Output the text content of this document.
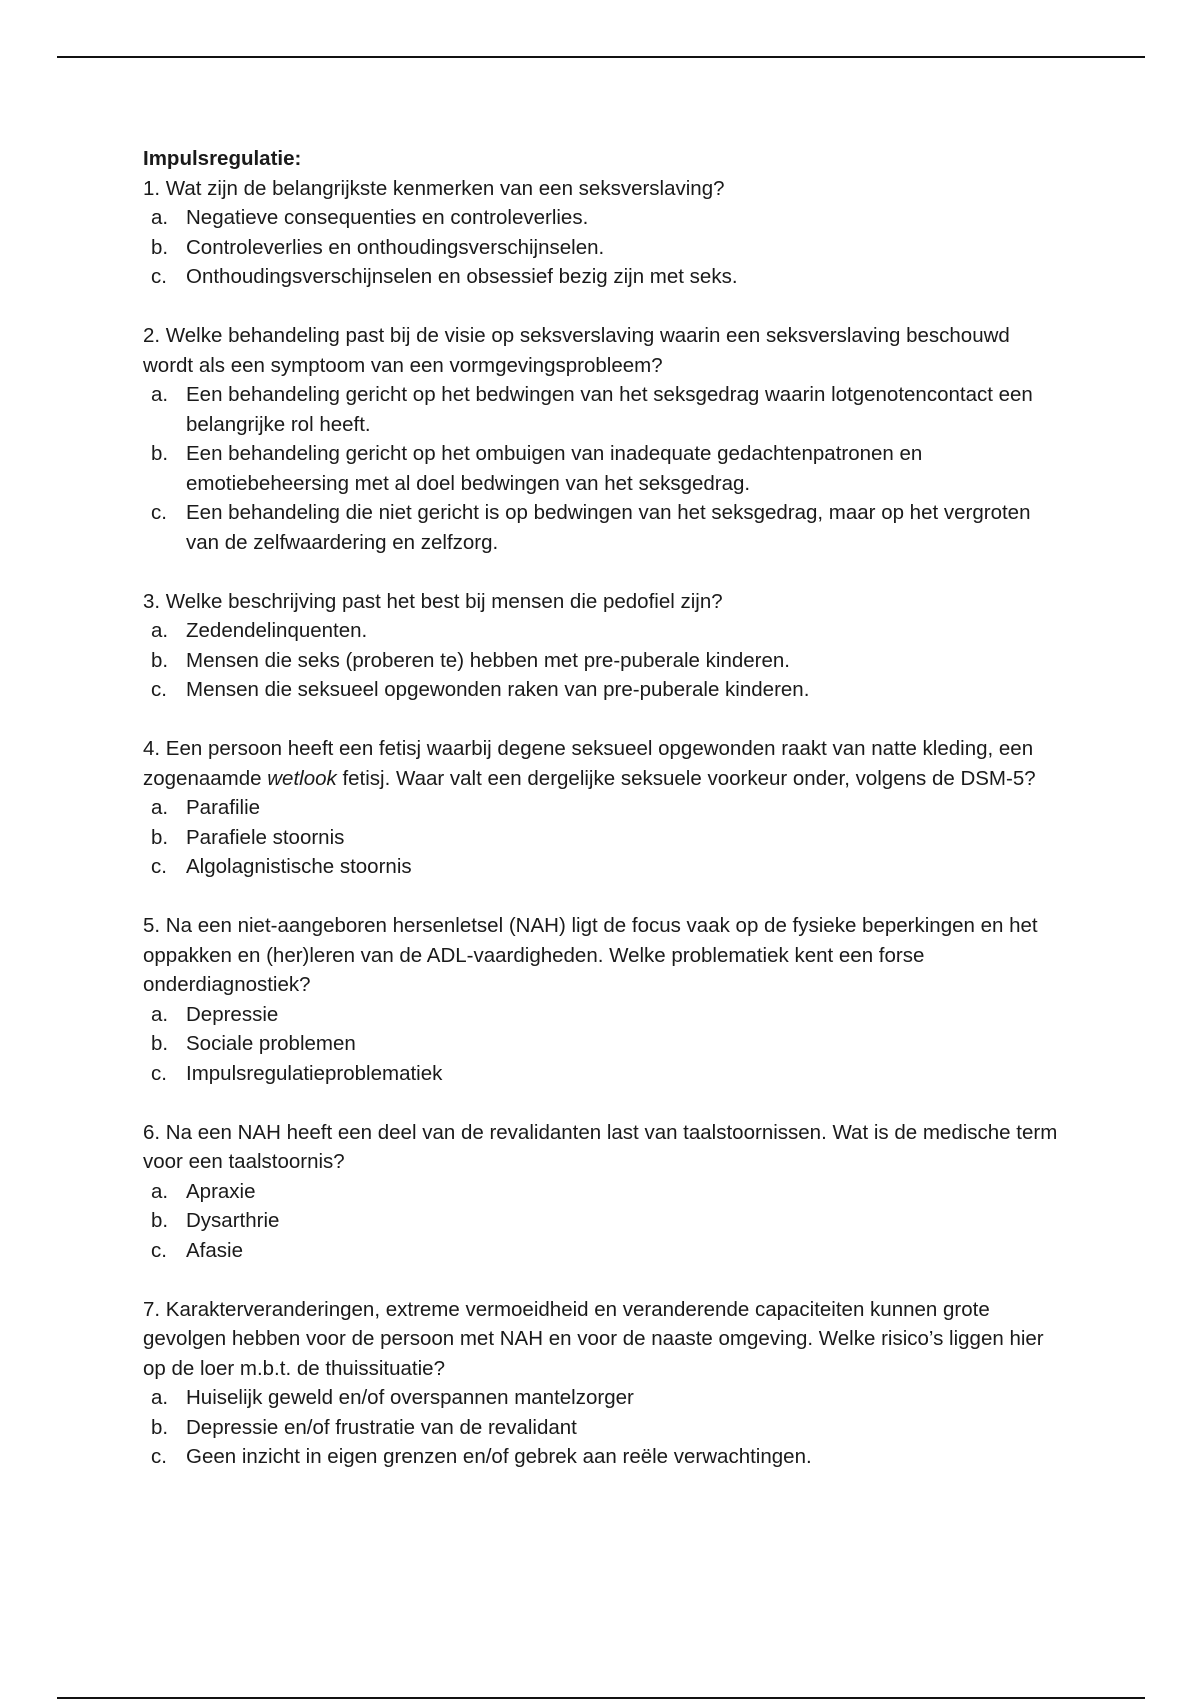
Impulsregulatie:

1. Wat zijn de belangrijkste kenmerken van een seksverslaving?

a. Negatieve consequenties en controleverlies.
b. Controleverlies en onthoudingsverschijnselen.
c. Onthoudingsverschijnselen en obsessief bezig zijn met seks.

2. Welke behandeling past bij de visie op seksverslaving waarin een seksverslaving beschouwd wordt als een symptoom van een vormgevingsprobleem?

a. Een behandeling gericht op het bedwingen van het seksgedrag waarin lotgenotencontact een belangrijke rol heeft.
b. Een behandeling gericht op het ombuigen van inadequate gedachtenpatronen en emotiebeheersing met al doel bedwingen van het seksgedrag.
c. Een behandeling die niet gericht is op bedwingen van het seksgedrag, maar op het vergroten van de zelfwaardering en zelfzorg.

3. Welke beschrijving past het best bij mensen die pedofiel zijn?

a. Zedendelinquenten.
b. Mensen die seks (proberen te) hebben met pre-puberale kinderen.
c. Mensen die seksueel opgewonden raken van pre-puberale kinderen.

4. Een persoon heeft een fetisj waarbij degene seksueel opgewonden raakt van natte kleding, een zogenaamde wetlook fetisj. Waar valt een dergelijke seksuele voorkeur onder, volgens de DSM-5?

a. Parafilie
b. Parafiele stoornis
c. Algolagnistische stoornis

5. Na een niet-aangeboren hersenletsel (NAH) ligt de focus vaak op de fysieke beperkingen en het oppakken en (her)leren van de ADL-vaardigheden. Welke problematiek kent een forse onderdiagnostiek?

a. Depressie
b. Sociale problemen
c. Impulsregulatieproblematiek

6. Na een NAH heeft een deel van de revalidanten last van taalstoornissen. Wat is de medische term voor een taalstoornis?

a. Apraxie
b. Dysarthrie
c. Afasie

7. Karakterveranderingen, extreme vermoeidheid en veranderende capaciteiten kunnen grote gevolgen hebben voor de persoon met NAH en voor de naaste omgeving. Welke risico’s liggen hier op de loer m.b.t. de thuissituatie?

a. Huiselijk geweld en/of overspannen mantelzorger
b. Depressie en/of frustratie van de revalidant
c. Geen inzicht in eigen grenzen en/of gebrek aan reële verwachtingen.
